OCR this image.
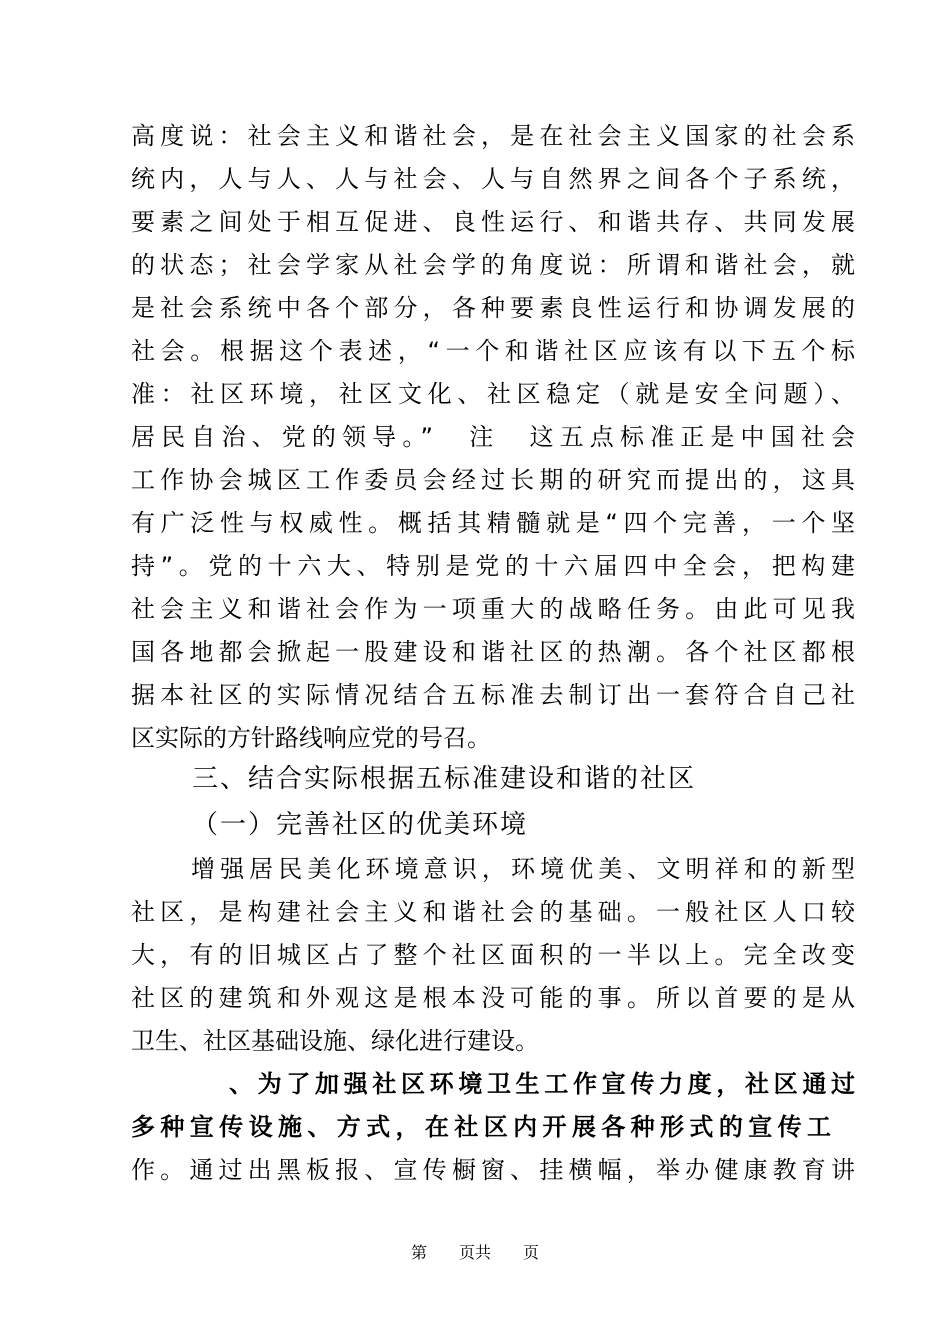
高度说：社会主义和谐社会，是在社会主义国家的社会系
统内，人与人、人与社会、人与自然界之间各个子系统，
要素之间处于相互促进、良性运行、和谐共存、共同发展
的状态；社会学家从社会学的角度说：所谓和谐社会，就
是社会系统中各个部分，各种要素良性运行和协调发展的
社会。根据这个表述，“一个和谐社区应该有以下五个标
准：社区环境，社区文化、社区稳定（就是安全问题）、
居民自治、党的领导。”　注　这五点标准正是中国社会
工作协会城区工作委员会经过长期的研究而提出的，这具
有广泛性与权威性。概括其精髓就是“四个完善，一个坚
持”。党的十六大、特别是党的十六届四中全会，把构建
社会主义和谐社会作为一项重大的战略任务。由此可见我
国各地都会掀起一股建设和谐社区的热潮。各个社区都根
据本社区的实际情况结合五标准去制订出一套符合自己社
区实际的方针路线响应党的号召。
三、结合实际根据五标准建设和谐的社区
（一）完善社区的优美环境
增强居民美化环境意识，环境优美、文明祥和的新型
社区，是构建社会主义和谐社会的基础。一般社区人口较
大，有的旧城区占了整个社区面积的一半以上。完全改变
社区的建筑和外观这是根本没可能的事。所以首要的是从
卫生、社区基础设施、绿化进行建设。
、为了加强社区环境卫生工作宣传力度，社区通过
多种宣传设施、方式，在社区内开展各种形式的宣传工
作。通过出黑板报、宣传橱窗、挂横幅，举办健康教育讲
第　　页共　　页
